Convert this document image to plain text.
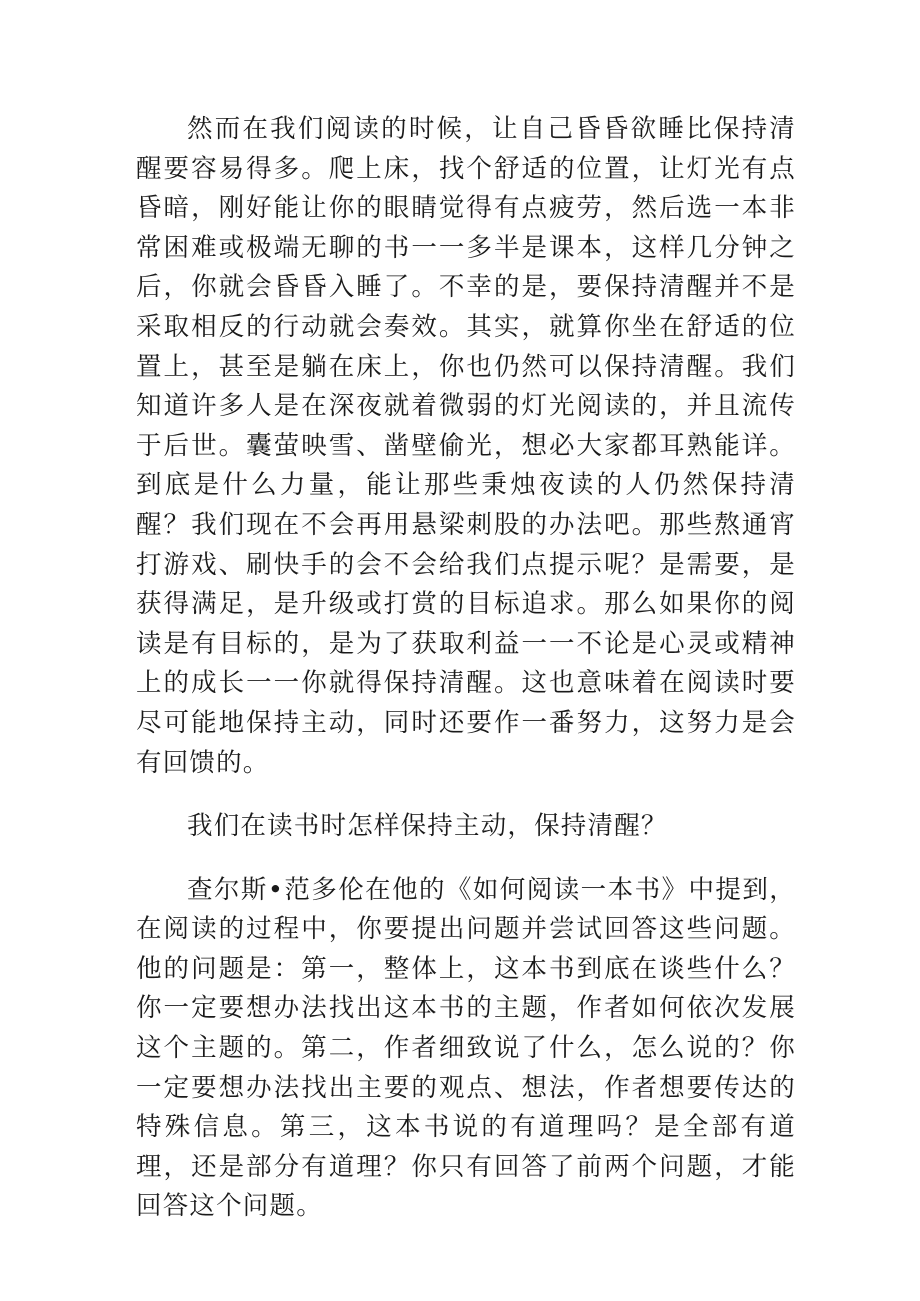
然而在我们阅读的时候，让自己昏昏欲睡比保持清醒要容易得多。爬上床，找个舒适的位置，让灯光有点昏暗，刚好能让你的眼睛觉得有点疲劳，然后选一本非常困难或极端无聊的书一一多半是课本，这样几分钟之后，你就会昏昏入睡了。不幸的是，要保持清醒并不是采取相反的行动就会奏效。其实，就算你坐在舒适的位置上，甚至是躺在床上，你也仍然可以保持清醒。我们知道许多人是在深夜就着微弱的灯光阅读的，并且流传于后世。囊萤映雪、凿壁偷光，想必大家都耳熟能详。到底是什么力量，能让那些秉烛夜读的人仍然保持清醒？我们现在不会再用悬梁刺股的办法吧。那些熬通宵打游戏、刷快手的会不会给我们点提示呢？是需要，是获得满足，是升级或打赏的目标追求。那么如果你的阅读是有目标的，是为了获取利益一一不论是心灵或精神上的成长一一你就得保持清醒。这也意味着在阅读时要尽可能地保持主动，同时还要作一番努力，这努力是会有回馈的。

我们在读书时怎样保持主动，保持清醒？

查尔斯•范多伦在他的《如何阅读一本书》中提到，在阅读的过程中，你要提出问题并尝试回答这些问题。他的问题是：第一，整体上，这本书到底在谈些什么？你一定要想办法找出这本书的主题，作者如何依次发展这个主题的。第二，作者细致说了什么，怎么说的？你一定要想办法找出主要的观点、想法，作者想要传达的特殊信息。第三，这本书说的有道理吗？是全部有道理，还是部分有道理？你只有回答了前两个问题，才能回答这个问题。
